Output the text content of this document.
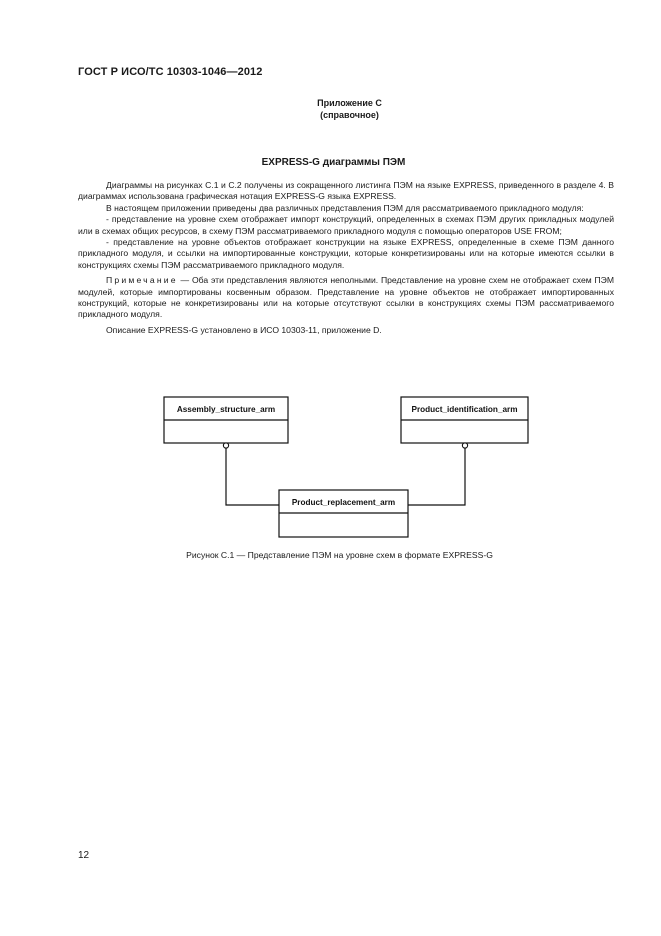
ГОСТ Р ИСО/ТС 10303-1046—2012
Приложение С
(справочное)
EXPRESS-G диаграммы ПЭМ

Диаграммы на рисунках С.1 и С.2 получены из сокращенного листинга ПЭМ на языке EXPRESS, приведенного в разделе 4. В диаграммах использована графическая нотация EXPRESS-G языка EXPRESS.

В настоящем приложении приведены два различных представления ПЭМ для рассматриваемого прикладного модуля:

- представление на уровне схем отображает импорт конструкций, определенных в схемах ПЭМ других прикладных модулей или в схемах общих ресурсов, в схему ПЭМ рассматриваемого прикладного модуля с помощью операторов USE FROM;

- представление на уровне объектов отображает конструкции на языке EXPRESS, определенные в схеме ПЭМ данного прикладного модуля, и ссылки на импортированные конструкции, которые конкретизированы или на которые имеются ссылки в конструкциях схемы ПЭМ рассматриваемого прикладного модуля.

Примечание — Оба эти представления являются неполными. Представление на уровне схем не отображает схем ПЭМ модулей, которые импортированы косвенным образом. Представление на уровне объектов не отображает импортированных конструкций, которые не конкретизированы или на которые отсутствуют ссылки в конструкциях схемы ПЭМ рассматриваемого прикладного модуля.

Описание EXPRESS-G установлено в ИСО 10303-11, приложение D.

Assembly_structure_arm	Product_identification_arm
Product_replacement_arm
Рисунок С.1 — Представление ПЭМ на уровне схем в формате EXPRESS-G
12
